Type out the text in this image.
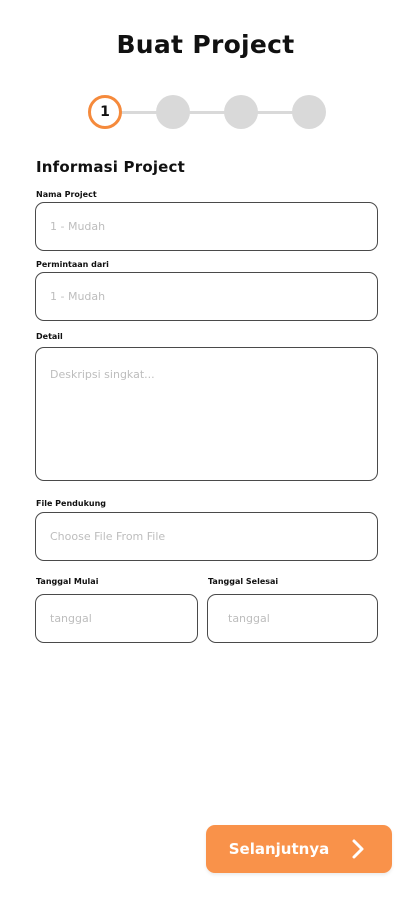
Buat Project
1
Informasi Project
Nama Project
1 - Mudah
Permintaan dari
1 - Mudah
Detail
Deskripsi singkat...
File Pendukung
Choose File From File
Tanggal Mulai
tanggal
Tanggal Selesai
tanggal
Selanjutnya
